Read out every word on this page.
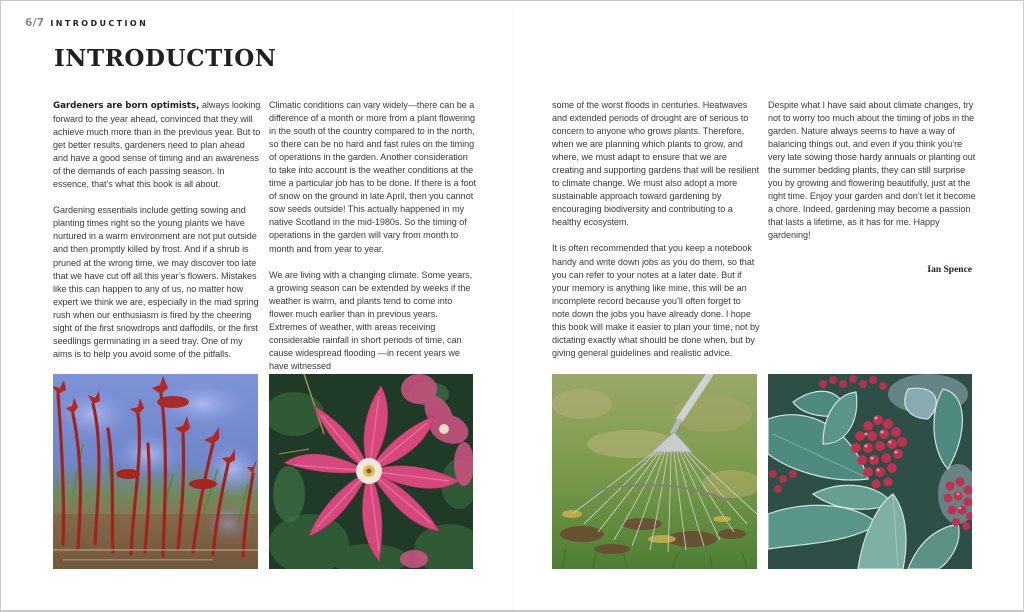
6/7 INTRODUCTION
INTRODUCTION

Gardeners are born optimists, always looking forward to the year ahead, convinced that they will achieve much more than in the previous year. But to get better results, gardeners need to plan ahead and have a good sense of timing and an awareness of the demands of each passing season. In essence, that’s what this book is all about.

Gardening essentials include getting sowing and planting times right so the young plants we have nurtured in a warm environment are not put outside and then promptly killed by frost. And if a shrub is pruned at the wrong time, we may discover too late that we have cut off all this year’s flowers. Mistakes like this can happen to any of us, no matter how expert we think we are, especially in the mad spring rush when our enthusiasm is fired by the cheering sight of the first snowdrops and daffodils, or the first seedlings germinating in a seed tray. One of my aims is to help you avoid some of the pitfalls.

Climatic conditions can vary widely—there can be a difference of a month or more from a plant flowering in the south of the country compared to in the north, so there can be no hard and fast rules on the timing of operations in the garden. Another consideration to take into account is the weather conditions at the time a particular job has to be done. If there is a foot of snow on the ground in late April, then you cannot sow seeds outside! This actually happened in my native Scotland in the mid-1980s. So the timing of operations in the garden will vary from month to month and from year to year.

We are living with a changing climate. Some years, a growing season can be extended by weeks if the weather is warm, and plants tend to come into flower much earlier than in previous years. Extremes of weather, with areas receiving considerable rainfall in short periods of time, can cause widespread flooding —in recent years we have witnessed

some of the worst floods in centuries. Heatwaves and extended periods of drought are of serious to concern to anyone who grows plants. Therefore, when we are planning which plants to grow, and where, we must adapt to ensure that we are creating and supporting gardens that will be resilient to climate change. We must also adopt a more sustainable approach toward gardening by encouraging biodiversity and contributing to a healthy ecosystem.

It is often recommended that you keep a notebook handy and write down jobs as you do them, so that you can refer to your notes at a later date. But if your memory is anything like mine, this will be an incomplete record because you’ll often forget to note down the jobs you have already done. I hope this book will make it easier to plan your time, not by dictating exactly what should be done when, but by giving general guidelines and realistic advice.

Despite what I have said about climate changes, try not to worry too much about the timing of jobs in the garden. Nature always seems to have a way of balancing things out, and even if you think you’re very late sowing those hardy annuals or planting out the summer bedding plants, they can still surprise you by growing and flowering beautifully, just at the right time. Enjoy your garden and don’t let it become a chore. Indeed, gardening may become a passion that lasts a lifetime, as it has for me. Happy gardening!

Ian Spence
